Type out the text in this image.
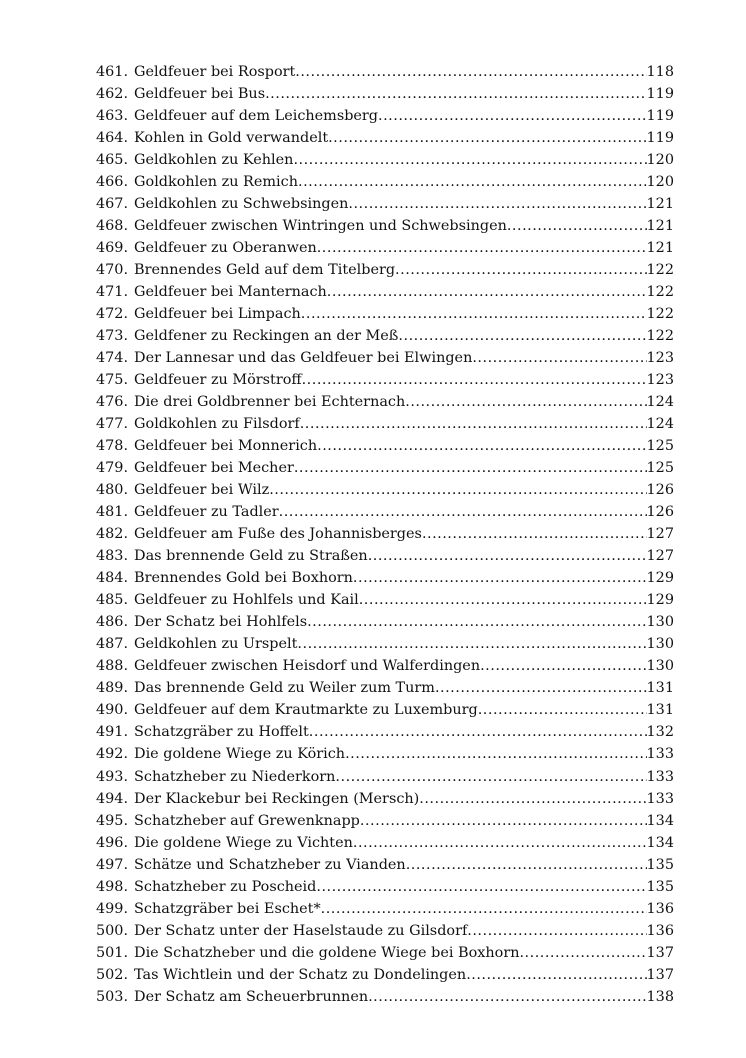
461. Geldfeuer bei Rosport .....	118
462. Geldfeuer bei Bus .....	119
463. Geldfeuer auf dem Leichemsberg .....	119
464. Kohlen in Gold verwandelt .....	119
465. Geldkohlen zu Kehlen .....	120
466. Goldkohlen zu Remich .....	120
467. Geldkohlen zu Schwebsingen .....	121
468. Geldfeuer zwischen Wintringen und Schwebsingen .....	121
469. Geldfeuer zu Oberanwen .....	121
470. Brennendes Geld auf dem Titelberg .....	122
471. Geldfeuer bei Manternach .....	122
472. Geldfeuer bei Limpach .....	122
473. Geldfener zu Reckingen an der Meß .....	122
474. Der Lannesar und das Geldfeuer bei Elwingen .....	123
475. Geldfeuer zu Mörstroff .....	123
476. Die drei Goldbrenner bei Echternach .....	124
477. Goldkohlen zu Filsdorf .....	124
478. Geldfeuer bei Monnerich .....	125
479. Geldfeuer bei Mecher .....	125
480. Geldfeuer bei Wilz .....	126
481. Geldfeuer zu Tadler .....	126
482. Geldfeuer am Fuße des Johannisberges .....	127
483. Das brennende Geld zu Straßen .....	127
484. Brennendes Gold bei Boxhorn .....	129
485. Geldfeuer zu Hohlfels und Kail .....	129
486. Der Schatz bei Hohlfels .....	130
487. Geldkohlen zu Urspelt .....	130
488. Geldfeuer zwischen Heisdorf und Walferdingen .....	130
489. Das brennende Geld zu Weiler zum Turm .....	131
490. Geldfeuer auf dem Krautmarkte zu Luxemburg .....	131
491. Schatzgräber zu Hoffelt .....	132
492. Die goldene Wiege zu Körich .....	133
493. Schatzheber zu Niederkorn .....	133
494. Der Klackebur bei Reckingen (Mersch) .....	133
495. Schatzheber auf Grewenknapp .....	134
496. Die goldene Wiege zu Vichten .....	134
497. Schätze und Schatzheber zu Vianden .....	135
498. Schatzheber zu Poscheid .....	135
499. Schatzgräber bei Eschet* .....	136
500. Der Schatz unter der Haselstaude zu Gilsdorf .....	136
501. Die Schatzheber und die goldene Wiege bei Boxhorn .....	137
502. Tas Wichtlein und der Schatz zu Dondelingen .....	137
503. Der Schatz am Scheuerbrunnen .....	138
